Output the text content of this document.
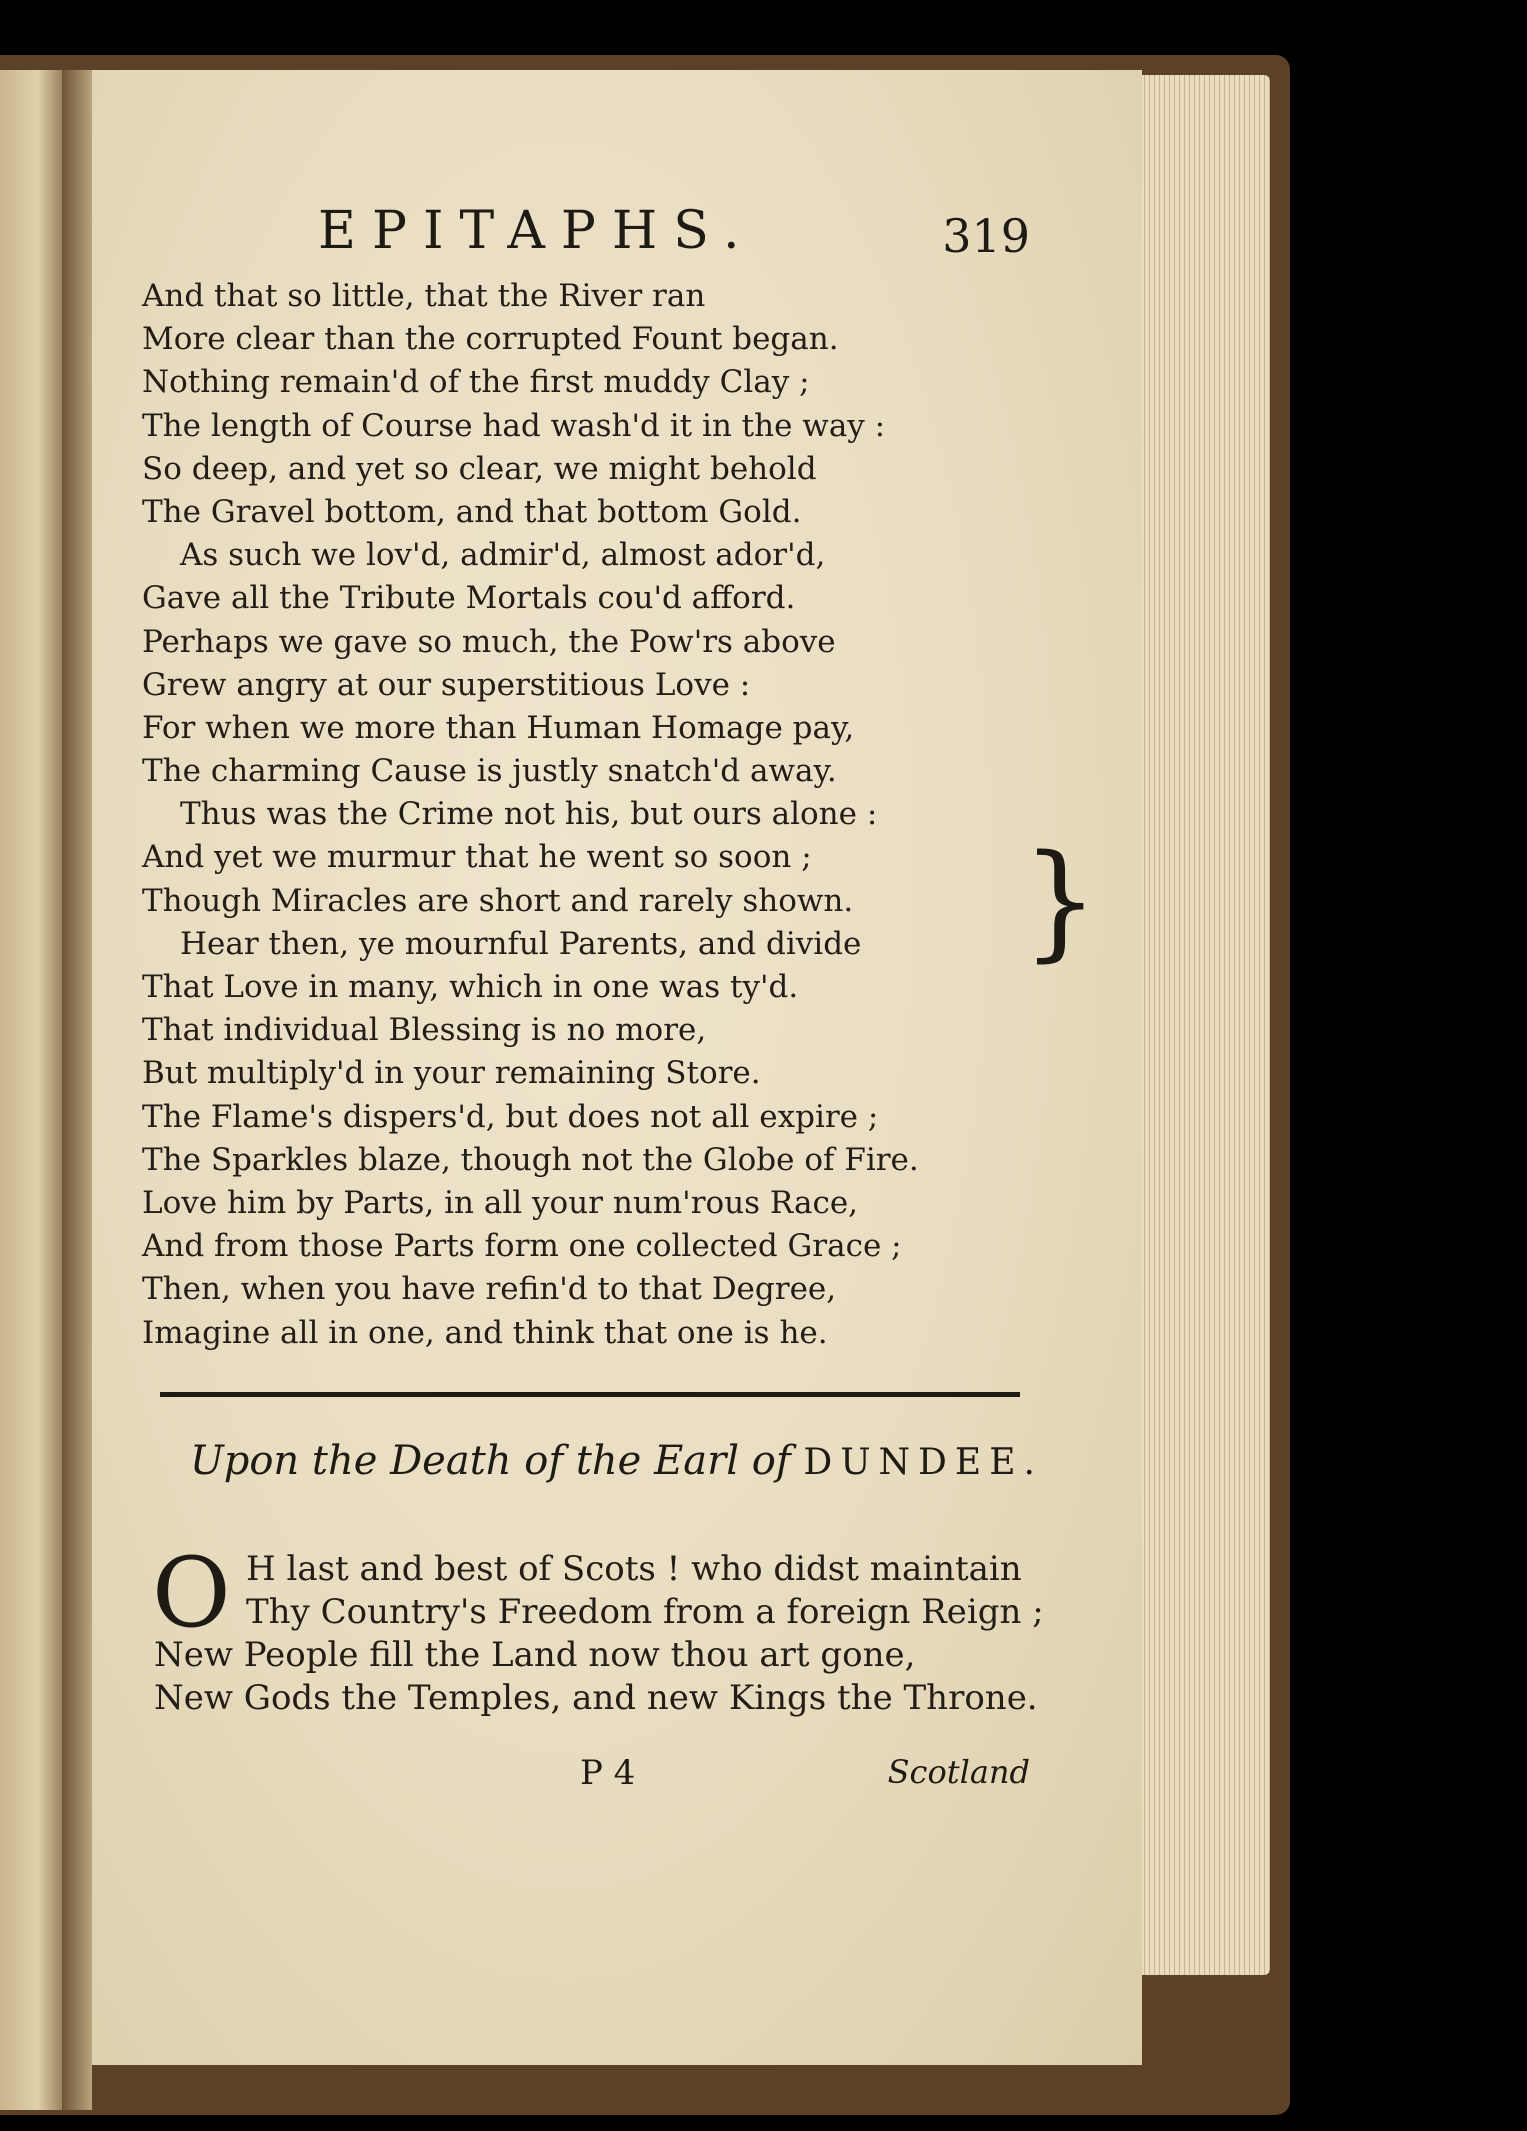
EPITAPHS.	319
And that so little, that the River ran
More clear than the corrupted Fount began.
Nothing remain'd of the first muddy Clay ;
The length of Course had wash'd it in the way :
So deep, and yet so clear, we might behold
The Gravel bottom, and that bottom Gold.
As such we lov'd, admir'd, almost ador'd,
Gave all the Tribute Mortals cou'd afford.
Perhaps we gave so much, the Pow'rs above
Grew angry at our superstitious Love :
For when we more than Human Homage pay,
The charming Cause is justly snatch'd away.
Thus was the Crime not his, but ours alone :
And yet we murmur that he went so soon ;
Though Miracles are short and rarely shown.
Hear then, ye mournful Parents, and divide
That Love in many, which in one was ty'd.
That individual Blessing is no more,
But multiply'd in your remaining Store.
The Flame's dispers'd, but does not all expire ;
The Sparkles blaze, though not the Globe of Fire.
Love him by Parts, in all your num'rous Race,
And from those Parts form one collected Grace ;
Then, when you have refin'd to that Degree,
Imagine all in one, and think that one is he.
}
Upon the Death of the Earl of DUNDEE.
O H last and best of Scots ! who didst maintain
Thy Country's Freedom from a foreign Reign ;
New People fill the Land now thou art gone,
New Gods the Temples, and new Kings the Throne.
P 4	Scotland
